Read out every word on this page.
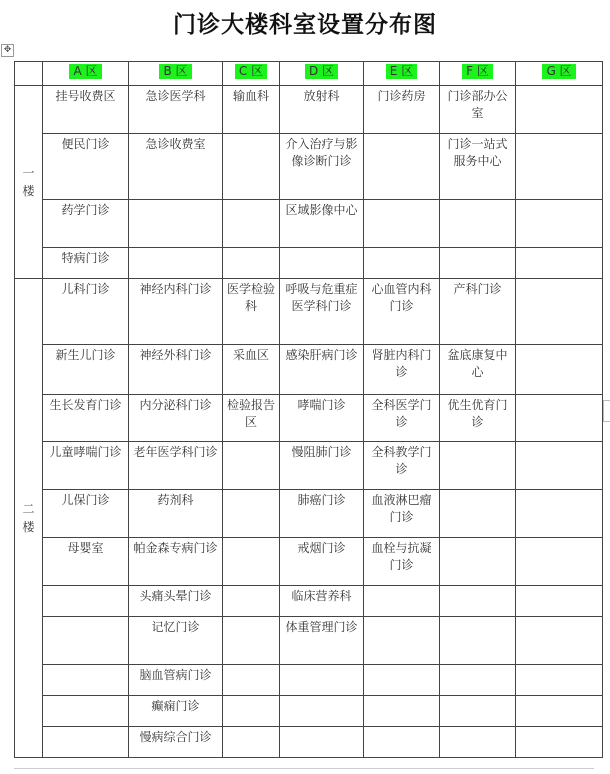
门诊大楼科室设置分布图
✥
	A 区	B 区	C 区	D 区	E 区	F 区	G 区
一楼	挂号收费区	急诊医学科	输血科	放射科	门诊药房	门诊部办公室	
	便民门诊	急诊收费室		介入治疗与影像诊断门诊		门诊一站式服务中心	
	药学门诊			区域影像中心			
	特病门诊						
二楼	儿科门诊	神经内科门诊	医学检验科	呼吸与危重症医学科门诊	心血管内科门诊	产科门诊	
	新生儿门诊	神经外科门诊	采血区	感染肝病门诊	肾脏内科门诊	盆底康复中心	
	生长发育门诊	内分泌科门诊	检验报告区	哮喘门诊	全科医学门诊	优生优育门诊	
	儿童哮喘门诊	老年医学科门诊		慢阻肺门诊	全科教学门诊		
	儿保门诊	药剂科		肺癌门诊	血液淋巴瘤门诊		
	母婴室	帕金森专病门诊		戒烟门诊	血栓与抗凝门诊		
		头痛头晕门诊		临床营养科			
		记忆门诊		体重管理门诊			
		脑血管病门诊					
		癫痫门诊					
		慢病综合门诊					
